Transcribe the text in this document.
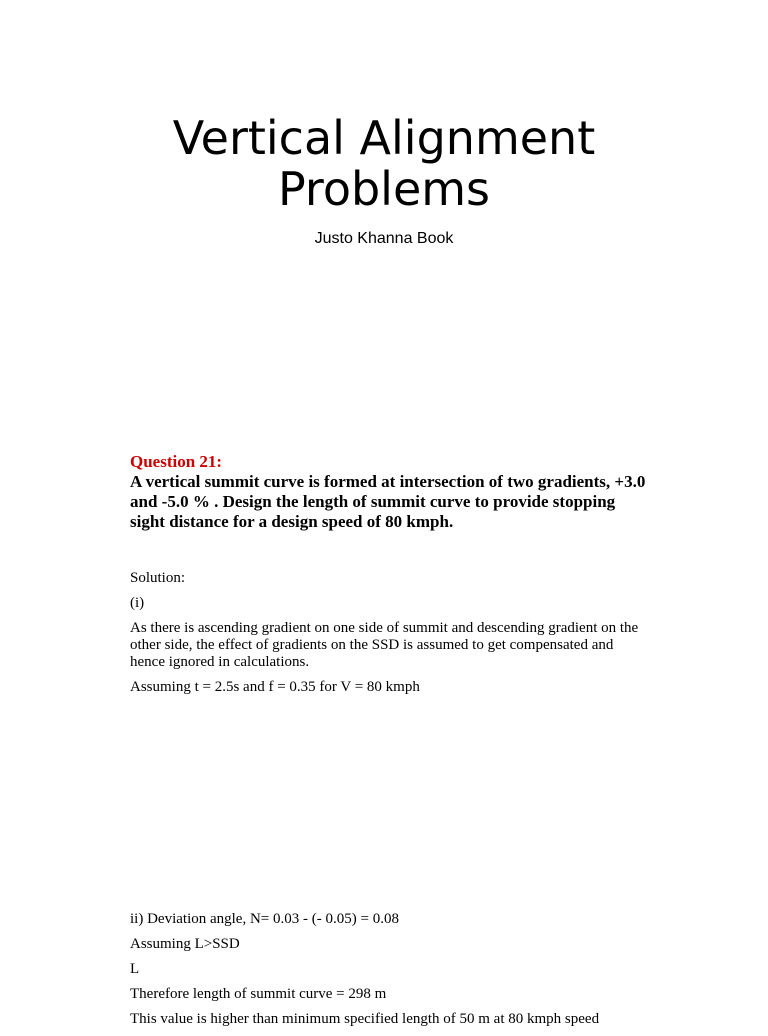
Vertical Alignment
Problems
Justo Khanna Book
Question 21:
A vertical summit curve is formed at intersection of two gradients, +3.0 and -5.0 % . Design the length of summit curve to provide stopping sight distance for a design speed of 80 kmph.
Solution:
(i)
As there is ascending gradient on one side of summit and descending gradient on the other side, the effect of gradients on the SSD is assumed to get compensated and hence ignored in calculations.
Assuming t = 2.5s and f = 0.35 for V = 80 kmph
ii) Deviation angle, N= 0.03 - (- 0.05) = 0.08
Assuming L>SSD
L
Therefore length of summit curve = 298 m
This value is higher than minimum specified length of 50 m at 80 kmph speed
